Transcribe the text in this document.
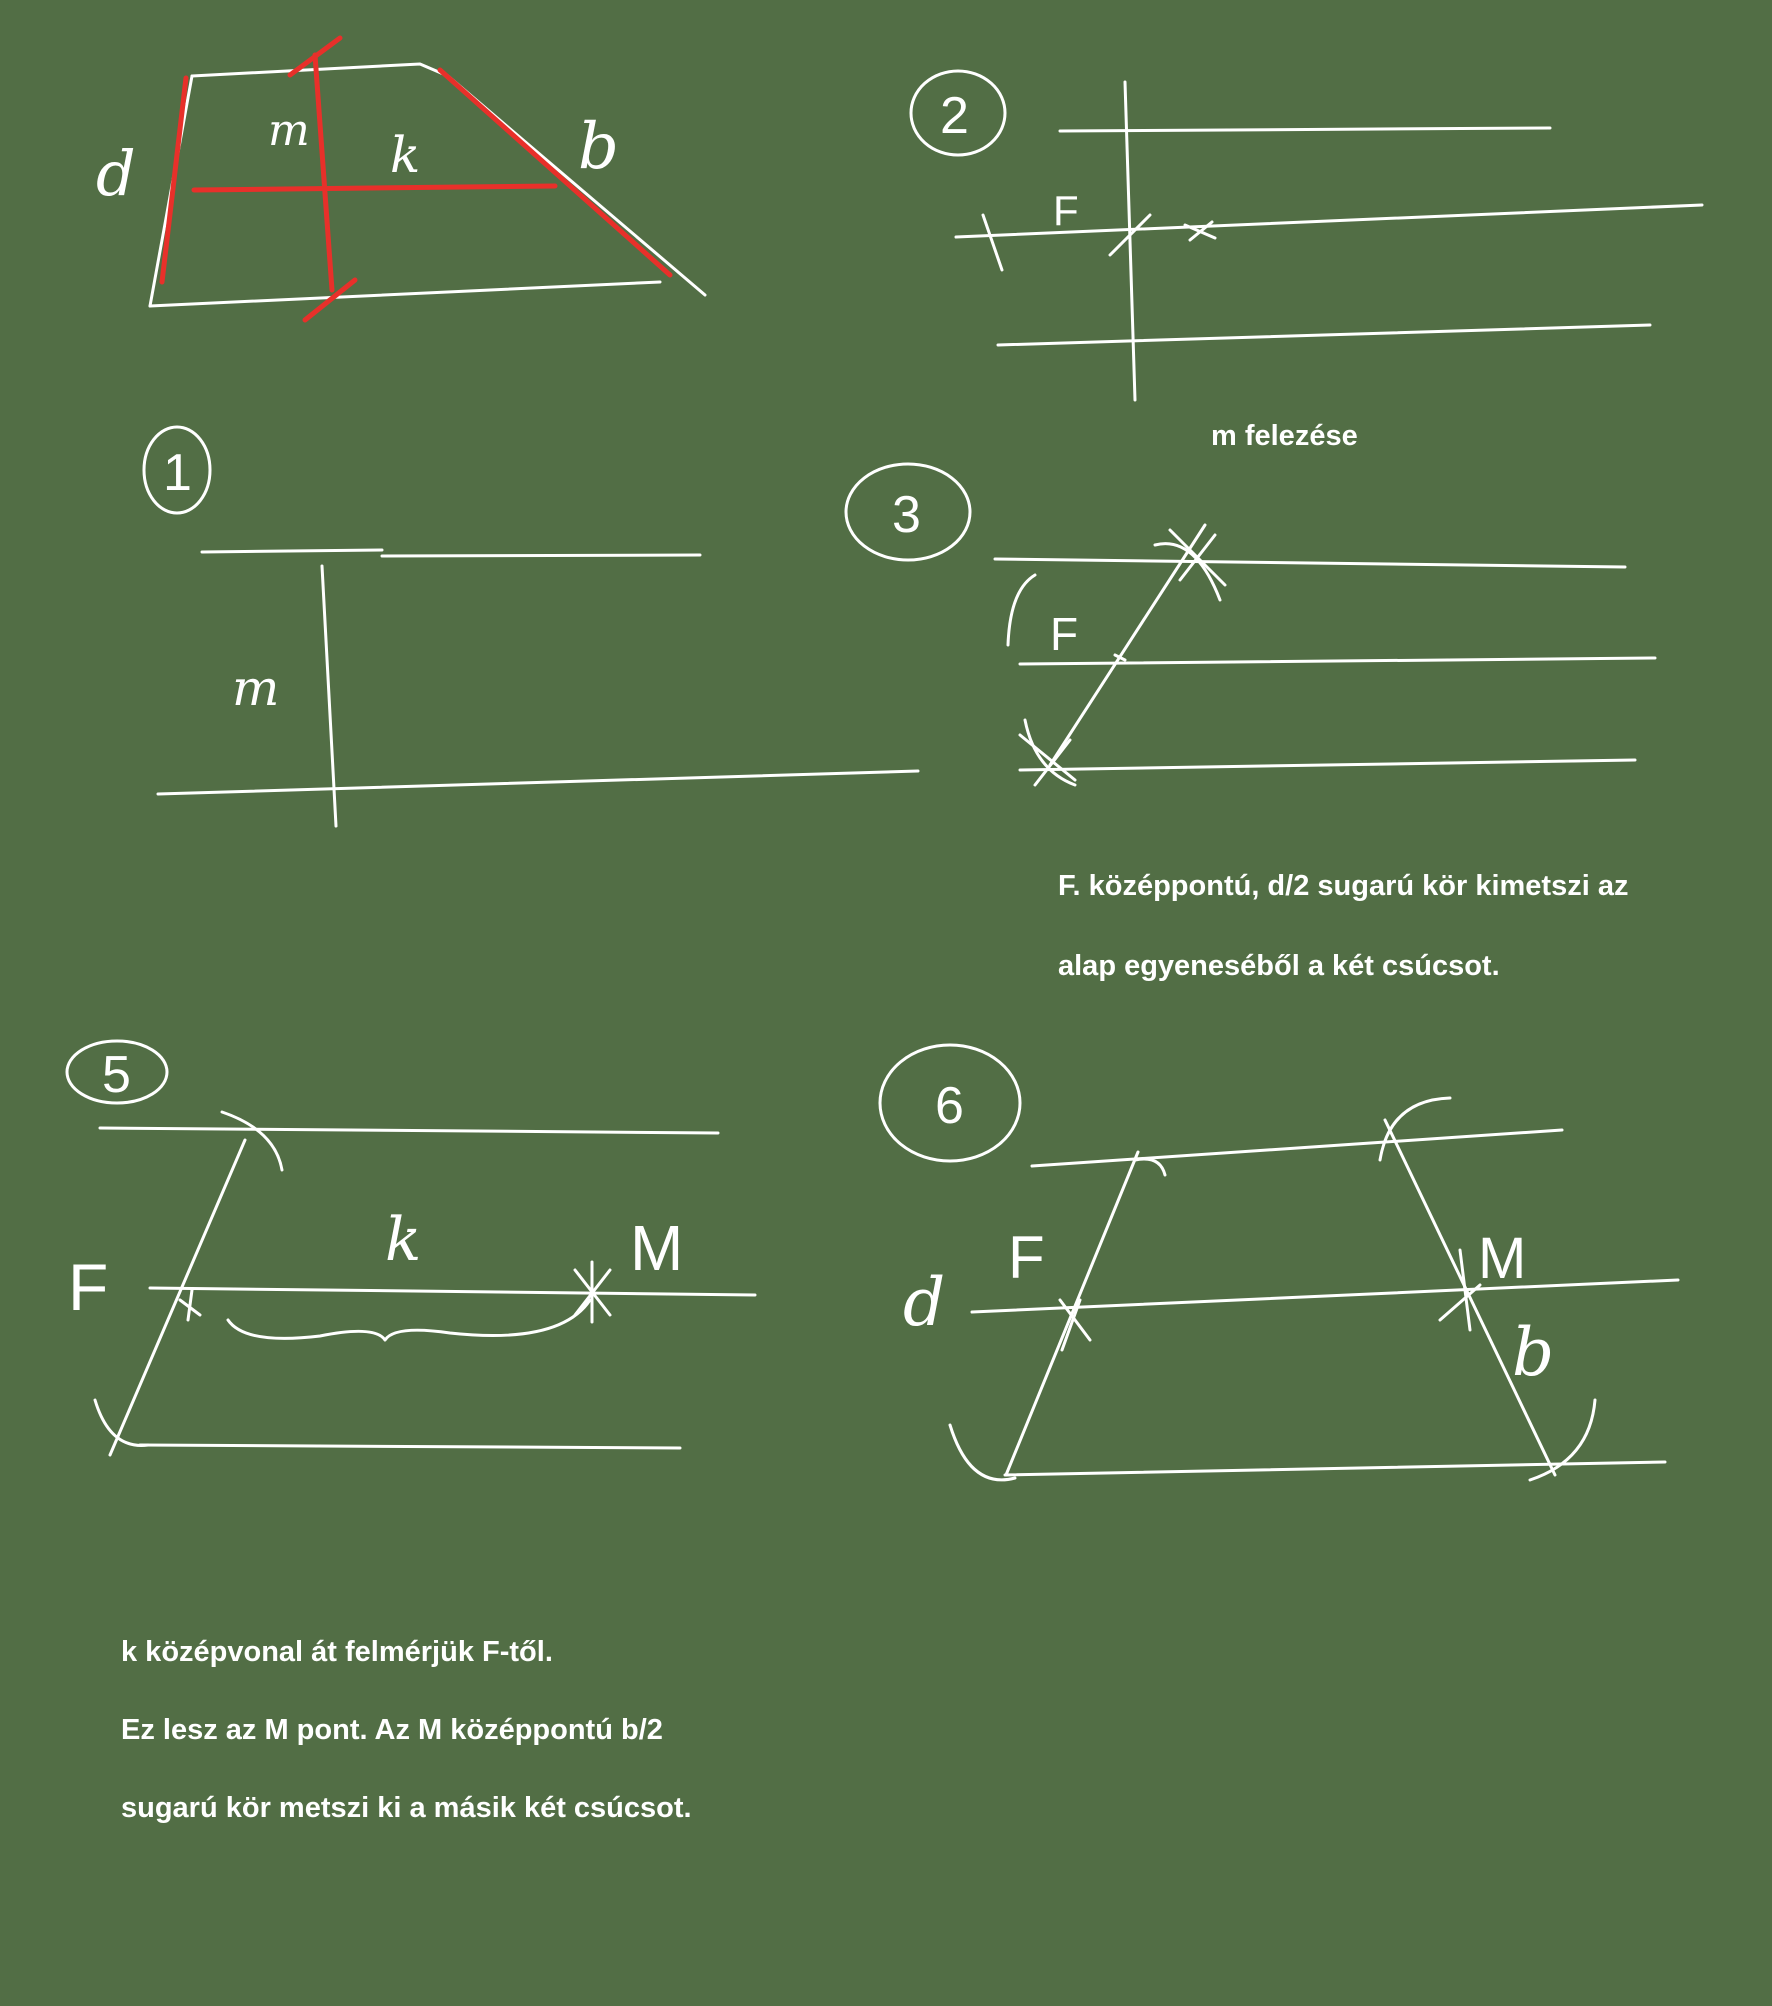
d
m k b
1
m
2
F
m felezése
3
F
F. középpontú, d/2 sugarú kör kimetszi az
alap egyeneséből a két csúcsot.
5
F
k	M
k középvonal át felmérjük F-től.
Ez lesz az M pont. Az M középpontú b/2
sugarú kör metszi ki a másik két csúcsot.
6
d
F	M
b
